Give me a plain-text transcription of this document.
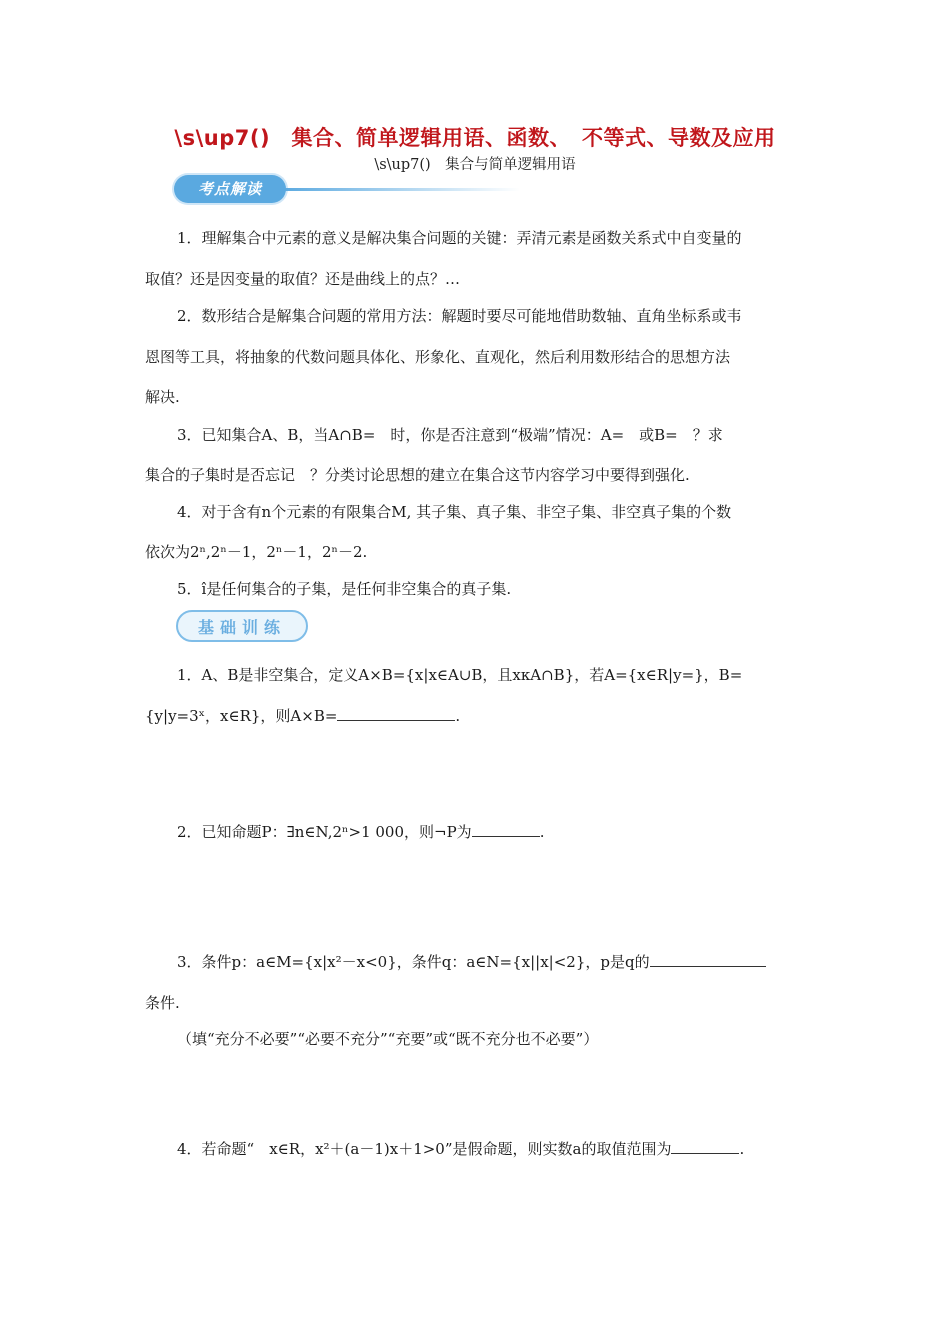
\s\up7()　集合、简单逻辑用语、函数、　不等式、导数及应用
\s\up7()　集合与简单逻辑用语
考点解读
1．理解集合中元素的意义是解决集合问题的关键：弄清元素是函数关系式中自变量的
取值？还是因变量的取值？还是曲线上的点？…
2．数形结合是解集合问题的常用方法：解题时要尽可能地借助数轴、直角坐标系或韦
恩图等工具，将抽象的代数问题具体化、形象化、直观化，然后利用数形结合的思想方法
解决.
3．已知集合A、B，当A∩B=　时，你是否注意到“极端”情况：A=　或B=　？求
集合的子集时是否忘记　？分类讨论思想的建立在集合这节内容学习中要得到强化.
4．对于含有n个元素的有限集合M, 其子集、真子集、非空子集、非空真子集的个数
依次为2ⁿ,2ⁿ－1，2ⁿ－1，2ⁿ－2.
5．î是任何集合的子集，是任何非空集合的真子集.
基础训练
1．A、B是非空集合，定义A×B={x|x∈A∪B，且xкA∩B}，若A={x∈R|y=}，B=
{y|y=3ˣ，x∈R}，则A×B=	.
2．已知命题P：∃n∈N,2ⁿ>1 000，则¬P为	.
3．条件p：a∈M={x|x²－x<0}，条件q：a∈N={x||x|<2}，p是q的
条件.
（填“充分不必要”“必要不充分”“充要”或“既不充分也不必要”）
4．若命题“　x∈R，x²＋(a－1)x＋1>0”是假命题，则实数a的取值范围为	.
